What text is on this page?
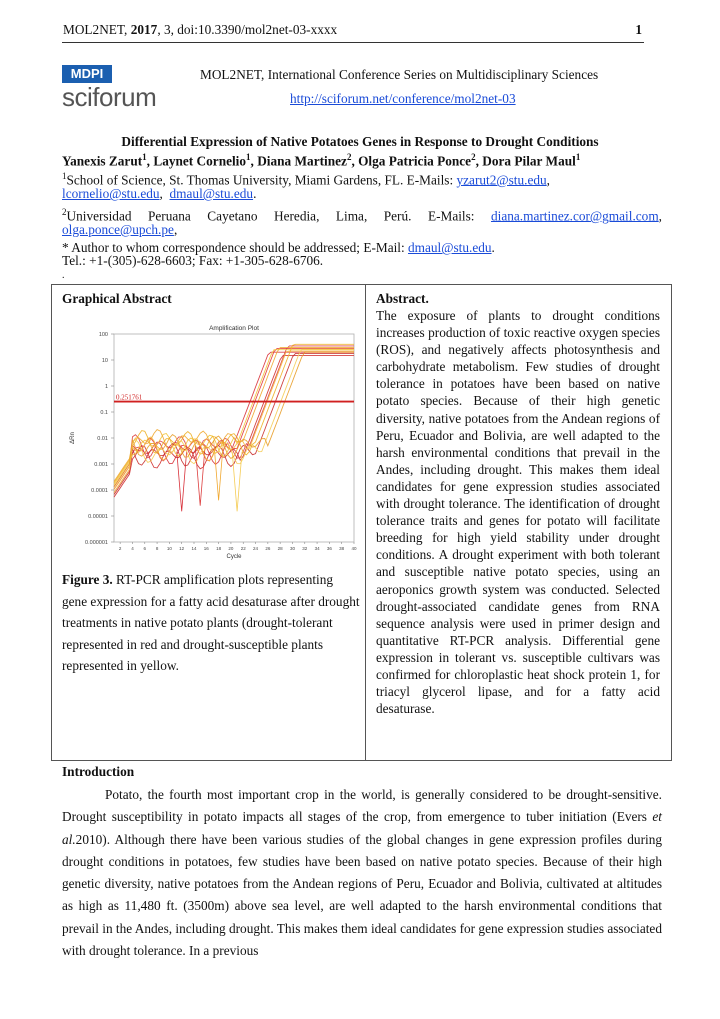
MOL2NET, 2017, 3, doi:10.3390/mol2net-03-xxxx	1
MDPI
sciforum
MOL2NET, International Conference Series on Multidisciplinary Sciences
http://sciforum.net/conference/mol2net-03
Differential Expression of Native Potatoes Genes in Response to Drought Conditions
Yanexis Zarut$^1$, Laynet Cornelio$^1$, Diana Martinez$^2$, Olga Patricia Ponce$^2$, Dora Pilar Maul$^1$
$^1$School of Science, St. Thomas University, Miami Gardens, FL. E-Mails: yzarut2@stu.edu,
lcornelio@stu.edu,  dmaul@stu.edu.
$^2$Universidad Peruana Cayetano Heredia, Lima, Perú. E-Mails: diana.martinez.cor@gmail.com,
olga.ponce@upch.pe,
* Author to whom correspondence should be addressed; E-Mail: dmaul@stu.edu.
Tel.: +1-(305)-628-6603; Fax: +1-305-628-6706.
.
Graphical Abstract
Amplification Plot
100
10
1
0.1
0.01
0.001
0.0001
0.00001
0.000001
2 4 6 8 10 12 14 16 18 20 22 24 26 28 30 32 34 36 38 40
Cycle
ΔRn
0.251761
Figure 3. RT-PCR amplification plots representing gene expression for a fatty acid desaturase after drought treatments in native potato plants (drought-tolerant represented in red and drought-susceptible plants represented in yellow.
Abstract.
The exposure of plants to drought conditions increases production of toxic reactive oxygen species (ROS), and negatively affects photosynthesis and carbohydrate metabolism. Few studies of drought tolerance in potatoes have been based on native potato species. Because of their high genetic diversity, native potatoes from the Andean regions of Peru, Ecuador and Bolivia, are well adapted to the harsh environmental conditions that prevail in the Andes, including drought. This makes them ideal candidates for gene expression studies associated with drought tolerance. The identification of drought tolerance traits and genes for potato will facilitate breeding for high yield stability under drought conditions. A drought experiment with both tolerant and susceptible native potato species, using an aeroponics growth system was conducted. Selected drought-associated candidate genes from RNA sequence analysis were used in primer design and quantitative RT-PCR analysis. Differential gene expression in tolerant vs. susceptible cultivars was confirmed for chloroplastic heat shock protein 1, for triacyl glycerol lipase, and for a fatty acid desaturase.
Introduction

Potato, the fourth most important crop in the world, is generally considered to be drought-sensitive. Drought susceptibility in potato impacts all stages of the crop, from emergence to tuber initiation (Evers et al.2010). Although there have been various studies of the global changes in gene expression profiles during drought conditions in potatoes, few studies have been based on native potato species. Because of their high genetic diversity, native potatoes from the Andean regions of Peru, Ecuador and Bolivia, cultivated at altitudes as high as 11,480 ft. (3500m) above sea level, are well adapted to the harsh environmental conditions that prevail in the Andes, including drought. This makes them ideal candidates for gene expression studies associated with drought tolerance. In a previous
